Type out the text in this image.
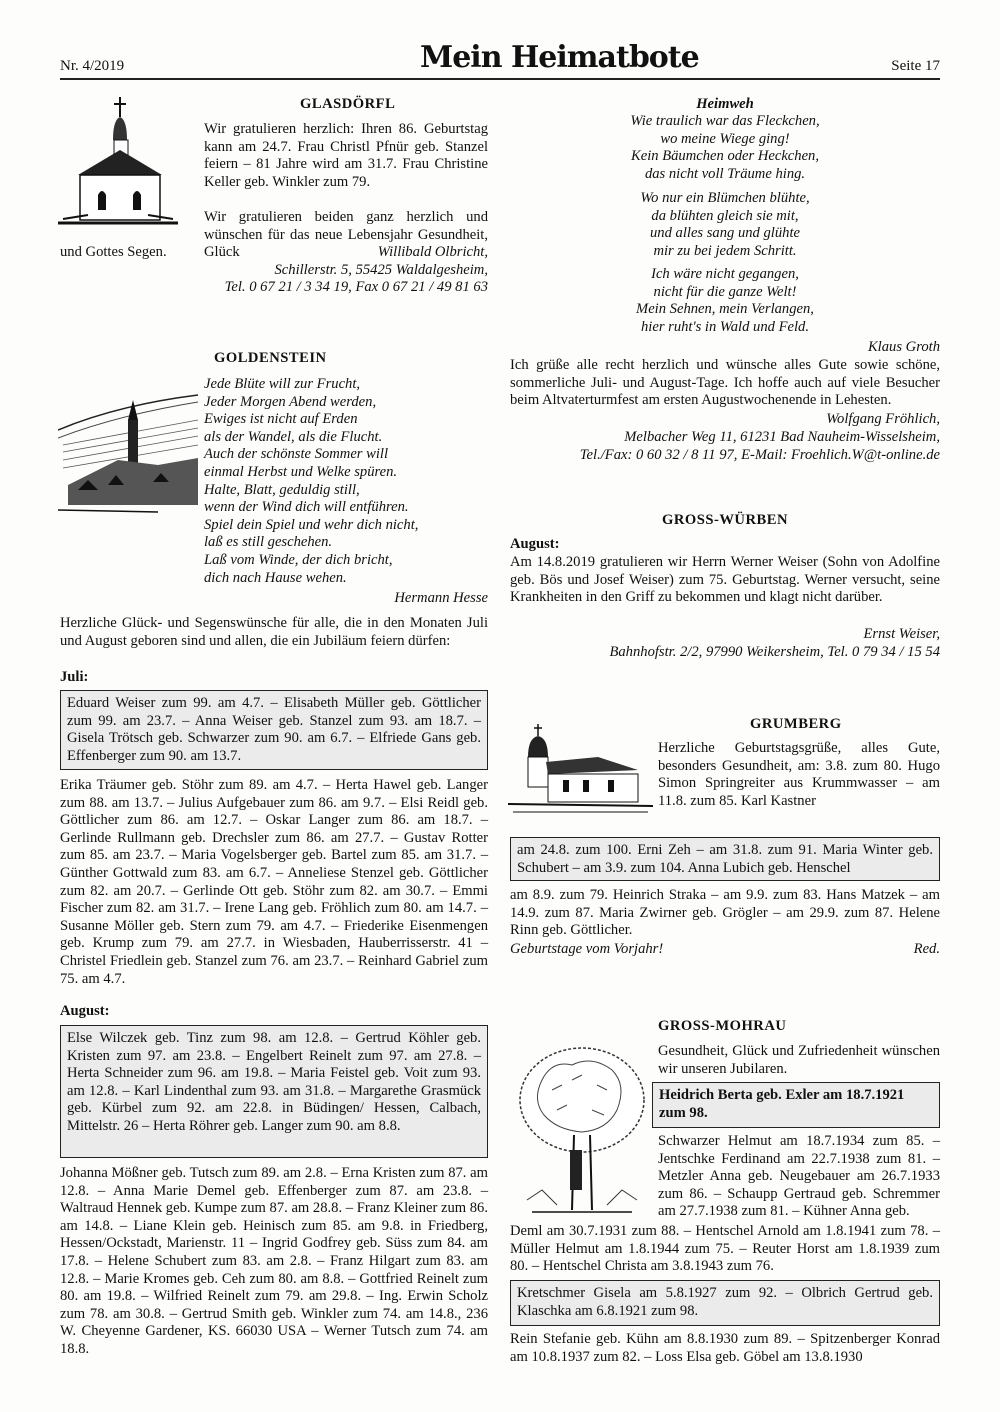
Nr. 4/2019	Mein Heimatbote	Seite 17
GLASDÖRFL
Wir gratulieren herzlich: Ihren 86. Geburtstag kann am 24.7. Frau Christl Pfnür geb. Stanzel feiern – 81 Jahre wird am 31.7. Frau Christine Keller geb. Winkler zum 79.
Wir gratulieren beiden ganz herzlich und wünschen für das neue Lebensjahr Gesundheit, Glück
und Gottes Segen.	Willibald Olbricht,
Schillerstr. 5, 55425 Waldalgesheim,
Tel. 0 67 21 / 3 34 19, Fax 0 67 21 / 49 81 63
GOLDENSTEIN
Jede Blüte will zur Frucht,
Jeder Morgen Abend werden,
Ewiges ist nicht auf Erden
als der Wandel, als die Flucht.
Auch der schönste Sommer will
einmal Herbst und Welke spüren.
Halte, Blatt, geduldig still,
wenn der Wind dich will entführen.
Spiel dein Spiel und wehr dich nicht,
laß es still geschehen.
Laß vom Winde, der dich bricht,
dich nach Hause wehen.
Hermann Hesse
Herzliche Glück- und Segenswünsche für alle, die in den Monaten Juli und August geboren sind und allen, die ein Jubiläum feiern dürfen:
Juli:
Eduard Weiser zum 99. am 4.7. – Elisabeth Müller geb. Göttlicher zum 99. am 23.7. – Anna Weiser geb. Stanzel zum 93. am 18.7. – Gisela Trötsch geb. Schwarzer zum 90. am 6.7. – Elfriede Gans geb. Effenberger zum 90. am 13.7.
Erika Träumer geb. Stöhr zum 89. am 4.7. – Herta Hawel geb. Langer zum 88. am 13.7. – Julius Aufgebauer zum 86. am 9.7. – Elsi Reidl geb. Göttlicher zum 86. am 12.7. – Oskar Langer zum 86. am 18.7. – Gerlinde Rullmann geb. Drechsler zum 86. am 27.7. – Gustav Rotter zum 85. am 23.7. – Maria Vogelsberger geb. Bartel zum 85. am 31.7. – Günther Gottwald zum 83. am 6.7. – Anneliese Stenzel geb. Göttlicher zum 82. am 20.7. – Gerlinde Ott geb. Stöhr zum 82. am 30.7. – Emmi Fischer zum 82. am 31.7. – Irene Lang geb. Fröhlich zum 80. am 14.7. – Susanne Möller geb. Stern zum 79. am 4.7. – Friederike Eisenmengen geb. Krump zum 79. am 27.7. in Wiesbaden, Hauberrisserstr. 41 – Christel Friedlein geb. Stanzel zum 76. am 23.7. – Reinhard Gabriel zum 75. am 4.7.
August:
Else Wilczek geb. Tinz zum 98. am 12.8. – Gertrud Köhler geb. Kristen zum 97. am 23.8. – Engelbert Reinelt zum 97. am 27.8. – Herta Schneider zum 96. am 19.8. – Maria Feistel geb. Voit zum 93. am 12.8. – Karl Lindenthal zum 93. am 31.8. – Margarethe Grasmück geb. Kürbel zum 92. am 22.8. in Büdingen/ Hessen, Calbach, Mittelstr. 26 – Herta Röhrer geb. Langer zum 90. am 8.8.
Johanna Mößner geb. Tutsch zum 89. am 2.8. – Erna Kristen zum 87. am 12.8. – Anna Marie Demel geb. Effenberger zum 87. am 23.8. – Waltraud Hennek geb. Kumpe zum 87. am 28.8. – Franz Kleiner zum 86. am 14.8. – Liane Klein geb. Heinisch zum 85. am 9.8. in Friedberg, Hessen/Ockstadt, Marienstr. 11 – Ingrid Godfrey geb. Süss zum 84. am 17.8. – Helene Schubert zum 83. am 2.8. – Franz Hilgart zum 83. am 12.8. – Marie Kromes geb. Ceh zum 80. am 8.8. – Gottfried Reinelt zum 80. am 19.8. – Wilfried Reinelt zum 79. am 29.8. – Ing. Erwin Scholz zum 78. am 30.8. – Gertrud Smith geb. Winkler zum 74. am 14.8., 236 W. Cheyenne Gardener, KS. 66030 USA – Werner Tutsch zum 74. am 18.8.
Heimweh
Wie traulich war das Fleckchen,
wo meine Wiege ging!
Kein Bäumchen oder Heckchen,
das nicht voll Träume hing.
Wo nur ein Blümchen blühte,
da blühten gleich sie mit,
und alles sang und glühte
mir zu bei jedem Schritt.
Ich wäre nicht gegangen,
nicht für die ganze Welt!
Mein Sehnen, mein Verlangen,
hier ruht's in Wald und Feld.
Klaus Groth
Ich grüße alle recht herzlich und wünsche alles Gute sowie schöne, sommerliche Juli- und August-Tage. Ich hoffe auch auf viele Besucher beim Altvaterturmfest am ersten Augustwochenende in Lehesten.
Wolfgang Fröhlich,
Melbacher Weg 11, 61231 Bad Nauheim-Wisselsheim,
Tel./Fax: 0 60 32 / 8 11 97, E-Mail: Froehlich.W@t-online.de
GROSS-WÜRBEN
August:
Am 14.8.2019 gratulieren wir Herrn Werner Weiser (Sohn von Adolfine geb. Bös und Josef Weiser) zum 75. Geburtstag. Werner versucht, seine Krankheiten in den Griff zu bekommen und klagt nicht darüber.
Ernst Weiser,
Bahnhofstr. 2/2, 97990 Weikersheim, Tel. 0 79 34 / 15 54
GRUMBERG
Herzliche Geburtstagsgrüße, alles Gute, besonders Gesundheit, am: 3.8. zum 80. Hugo Simon Springreiter aus Krummwasser – am 11.8. zum 85. Karl Kastner
am 24.8. zum 100. Erni Zeh – am 31.8. zum 91. Maria Winter geb. Schubert – am 3.9. zum 104. Anna Lubich geb. Henschel
am 8.9. zum 79. Heinrich Straka – am 9.9. zum 83. Hans Matzek – am 14.9. zum 87. Maria Zwirner geb. Grögler – am 29.9. zum 87. Helene Rinn geb. Göttlicher.
Geburtstage vom Vorjahr!	Red.
GROSS-MOHRAU
Gesundheit, Glück und Zufriedenheit wünschen wir unseren Jubilaren.
Heidrich Berta geb. Exler am 18.7.1921 zum 98.
Schwarzer Helmut am 18.7.1934 zum 85. – Jentschke Ferdinand am 22.7.1938 zum 81. – Metzler Anna geb. Neugebauer am 26.7.1933 zum 86. – Schaupp Gertraud geb. Schremmer am 27.7.1938 zum 81. – Kühner Anna geb.
Deml am 30.7.1931 zum 88. – Hentschel Arnold am 1.8.1941 zum 78. – Müller Helmut am 1.8.1944 zum 75. – Reuter Horst am 1.8.1939 zum 80. – Hentschel Christa am 3.8.1943 zum 76.
Kretschmer Gisela am 5.8.1927 zum 92. – Olbrich Gertrud geb. Klaschka am 6.8.1921 zum 98.
Rein Stefanie geb. Kühn am 8.8.1930 zum 89. – Spitzenberger Konrad am 10.8.1937 zum 82. – Loss Elsa geb. Göbel am 13.8.1930
